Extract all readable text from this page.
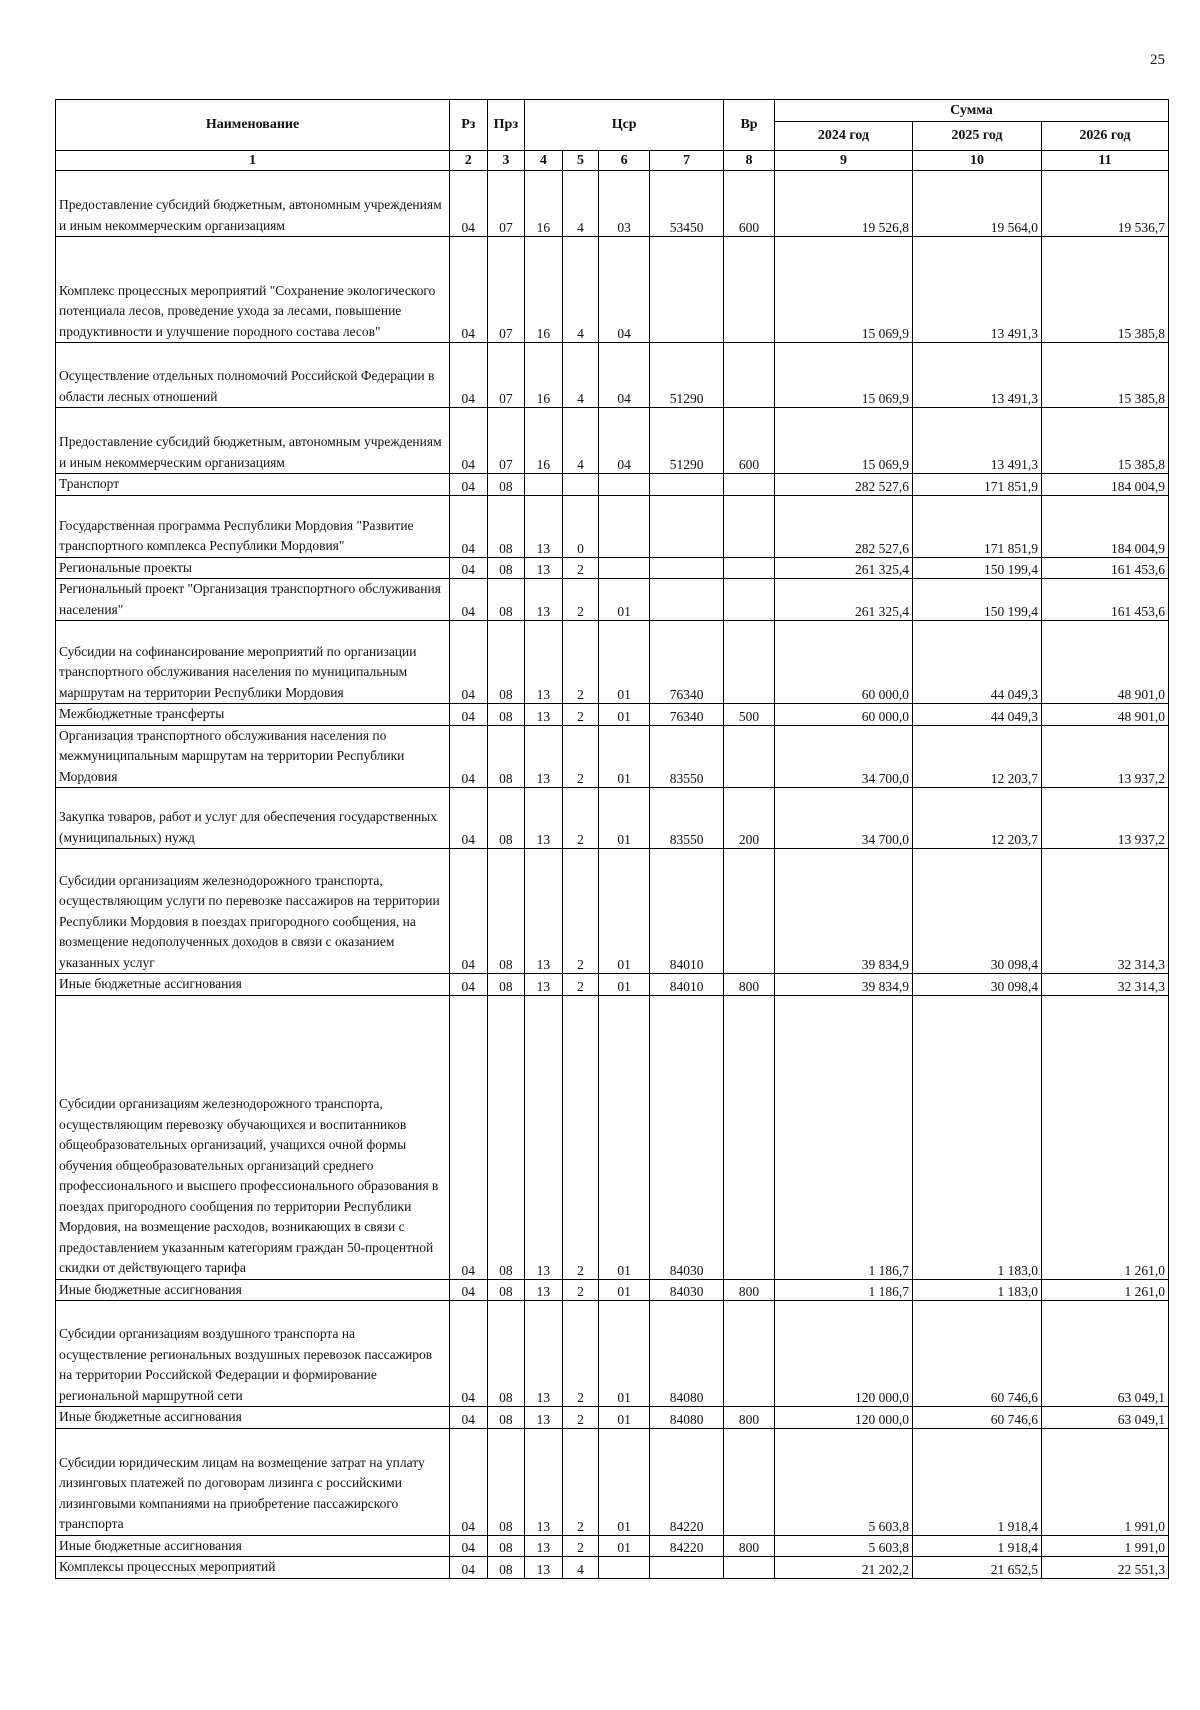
25
Наименование	Рз	Прз	Цср				Вр	Сумма		
								2024 год	2025 год	2026 год
1	2	3	4	5	6	7	8	9	10	11
Предоставление субсидий бюджетным, автономным учреждениям и иным некоммерческим организациям	04	07	16	4	03	53450	600	19 526,8	19 564,0	19 536,7
Комплекс процессных мероприятий "Сохранение экологического потенциала лесов, проведение ухода за лесами, повышение продуктивности и улучшение породного состава лесов"	04	07	16	4	04			15 069,9	13 491,3	15 385,8
Осуществление отдельных полномочий Российской Федерации в области лесных отношений	04	07	16	4	04	51290		15 069,9	13 491,3	15 385,8
Предоставление субсидий бюджетным, автономным учреждениям и иным некоммерческим организациям	04	07	16	4	04	51290	600	15 069,9	13 491,3	15 385,8
Транспорт	04	08						282 527,6	171 851,9	184 004,9
Государственная программа Республики Мордовия "Развитие транспортного комплекса Республики Мордовия"	04	08	13	0				282 527,6	171 851,9	184 004,9
Региональные проекты	04	08	13	2				261 325,4	150 199,4	161 453,6
Региональный проект "Организация транспортного обслуживания населения"	04	08	13	2	01			261 325,4	150 199,4	161 453,6
Субсидии на софинансирование мероприятий по организации транспортного обслуживания населения по муниципальным маршрутам на территории Республики Мордовия	04	08	13	2	01	76340		60 000,0	44 049,3	48 901,0
Межбюджетные трансферты	04	08	13	2	01	76340	500	60 000,0	44 049,3	48 901,0
Организация транспортного обслуживания населения по межмуниципальным маршрутам на территории Республики Мордовия	04	08	13	2	01	83550		34 700,0	12 203,7	13 937,2
Закупка товаров, работ и услуг для обеспечения государственных (муниципальных) нужд	04	08	13	2	01	83550	200	34 700,0	12 203,7	13 937,2
Субсидии организациям железнодорожного транспорта, осуществляющим услуги по перевозке пассажиров на территории Республики Мордовия в поездах пригородного сообщения, на возмещение недополученных доходов в связи с оказанием указанных услуг	04	08	13	2	01	84010		39 834,9	30 098,4	32 314,3
Иные бюджетные ассигнования	04	08	13	2	01	84010	800	39 834,9	30 098,4	32 314,3
Субсидии организациям железнодорожного транспорта, осуществляющим перевозку обучающихся и воспитанников общеобразовательных организаций, учащихся очной формы обучения общеобразовательных организаций среднего профессионального и высшего профессионального образования в поездах пригородного сообщения по территории Республики Мордовия, на возмещение расходов, возникающих в связи с предоставлением указанным категориям граждан 50-процентной скидки от действующего тарифа	04	08	13	2	01	84030		1 186,7	1 183,0	1 261,0
Иные бюджетные ассигнования	04	08	13	2	01	84030	800	1 186,7	1 183,0	1 261,0
Субсидии организациям воздушного транспорта на осуществление региональных воздушных перевозок пассажиров на территории Российской Федерации и формирование региональной маршрутной сети	04	08	13	2	01	84080		120 000,0	60 746,6	63 049,1
Иные бюджетные ассигнования	04	08	13	2	01	84080	800	120 000,0	60 746,6	63 049,1
Субсидии юридическим лицам на возмещение затрат на уплату лизинговых платежей по договорам лизинга с российскими лизинговыми компаниями на приобретение пассажирского транспорта	04	08	13	2	01	84220		5 603,8	1 918,4	1 991,0
Иные бюджетные ассигнования	04	08	13	2	01	84220	800	5 603,8	1 918,4	1 991,0
Комплексы процессных мероприятий	04	08	13	4				21 202,2	21 652,5	22 551,3
